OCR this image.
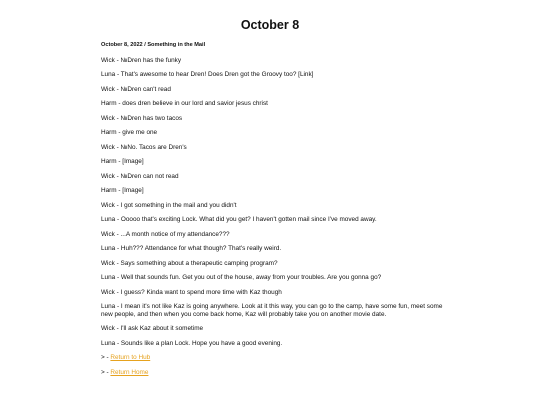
October 8

October 8, 2022 / Something in the Mail

Wick - №Dren has the funky
Luna - That's awesome to hear Dren! Does Dren got the Groovy too? [Link]
Wick - №Dren can't read
Harm - does dren believe in our lord and savior jesus christ
Wick - №Dren has two tacos
Harm - give me one
Wick - №No. Tacos are Dren's
Harm - [Image]
Wick - №Dren can not read
Harm - [Image]
Wick - I got something in the mail and you didn't
Luna - Ooooo that's exciting Lock. What did you get? I haven't gotten mail since I've moved away.
Wick - ...A month notice of my attendance???
Luna - Huh??? Attendance for what though? That's really weird.
Wick - Says something about a therapeutic camping program?
Luna - Well that sounds fun. Get you out of the house, away from your troubles. Are you gonna go?
Wick - I guess? Kinda want to spend more time with Kaz though
Luna - I mean it's not like Kaz is going anywhere. Look at it this way, you can go to the camp, have some fun, meet some new people, and then when you come back home, Kaz will probably take you on another movie date.
Wick - I'll ask Kaz about it sometime
Luna - Sounds like a plan Lock. Hope you have a good evening.
> - Return to Hub
> - Return Home
